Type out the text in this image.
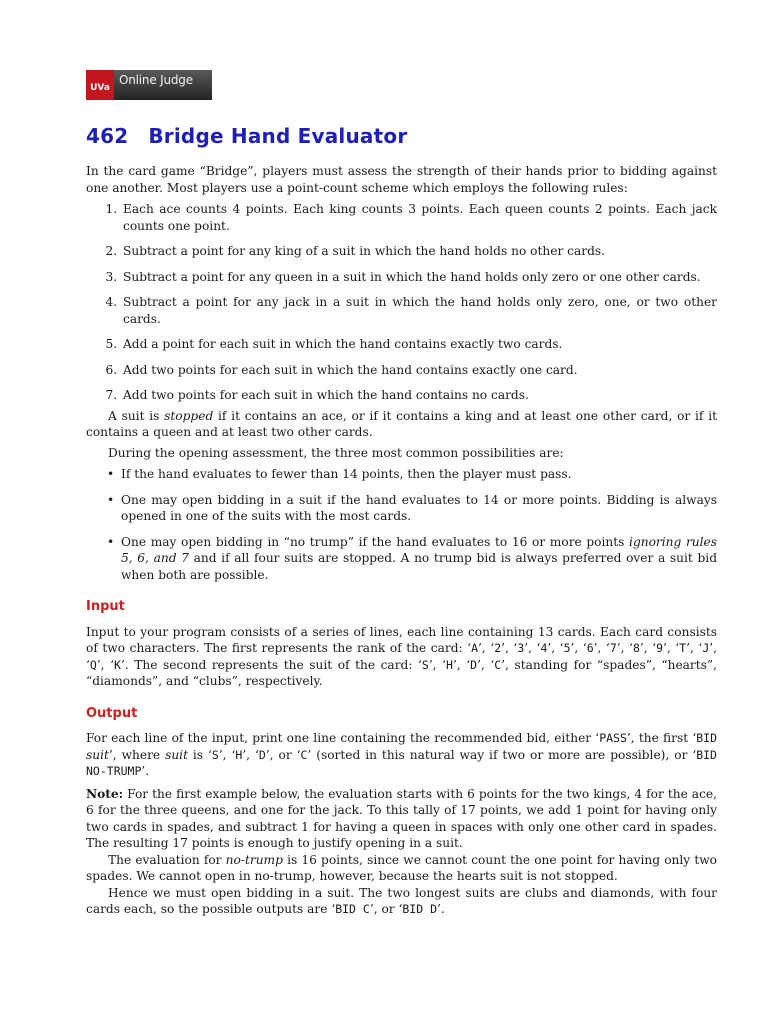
UVa
Online Judge
462 Bridge Hand Evaluator

In the card game “Bridge”, players must assess the strength of their hands prior to bidding against one another. Most players use a point-count scheme which employs the following rules:

1. Each ace counts 4 points. Each king counts 3 points. Each queen counts 2 points. Each jack counts one point.
2. Subtract a point for any king of a suit in which the hand holds no other cards.
3. Subtract a point for any queen in a suit in which the hand holds only zero or one other cards.
4. Subtract a point for any jack in a suit in which the hand holds only zero, one, or two other cards.
5. Add a point for each suit in which the hand contains exactly two cards.
6. Add two points for each suit in which the hand contains exactly one card.
7. Add two points for each suit in which the hand contains no cards.

A suit is stopped if it contains an ace, or if it contains a king and at least one other card, or if it contains a queen and at least two other cards.

During the opening assessment, the three most common possibilities are:

• If the hand evaluates to fewer than 14 points, then the player must pass.
• One may open bidding in a suit if the hand evaluates to 14 or more points. Bidding is always opened in one of the suits with the most cards.
• One may open bidding in “no trump” if the hand evaluates to 16 or more points ignoring rules 5, 6, and 7 and if all four suits are stopped. A no trump bid is always preferred over a suit bid when both are possible.
Input

Input to your program consists of a series of lines, each line containing 13 cards. Each card consists of two characters. The first represents the rank of the card: ‘A’, ‘2’, ‘3’, ‘4’, ‘5’, ‘6’, ‘7’, ‘8’, ‘9’, ‘T’, ‘J’, ‘Q’, ‘K’. The second represents the suit of the card: ‘S’, ‘H’, ‘D’, ‘C’, standing for “spades”, “hearts”, “diamonds”, and “clubs”, respectively.

Output

For each line of the input, print one line containing the recommended bid, either ‘PASS’, the first ‘BID suit’, where suit is ‘S’, ‘H’, ‘D’, or ‘C’ (sorted in this natural way if two or more are possible), or ‘BID NO-TRUMP’.

Note: For the first example below, the evaluation starts with 6 points for the two kings, 4 for the ace, 6 for the three queens, and one for the jack. To this tally of 17 points, we add 1 point for having only two cards in spades, and subtract 1 for having a queen in spaces with only one other card in spades. The resulting 17 points is enough to justify opening in a suit.

The evaluation for no-trump is 16 points, since we cannot count the one point for having only two spades. We cannot open in no-trump, however, because the hearts suit is not stopped.

Hence we must open bidding in a suit. The two longest suits are clubs and diamonds, with four cards each, so the possible outputs are ‘BID C’, or ‘BID D’.
